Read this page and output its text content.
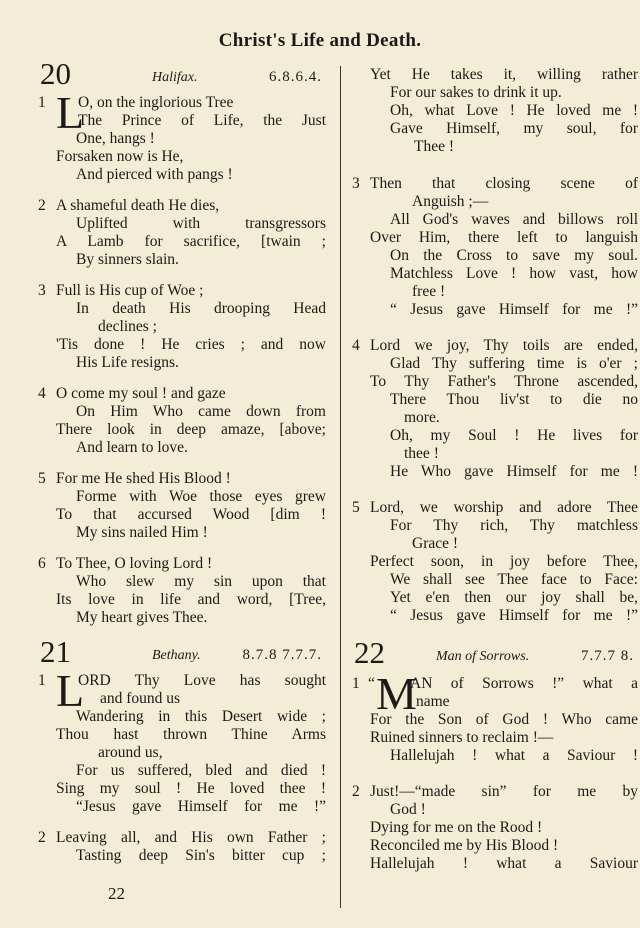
Christ's Life and Death.
20	Halifax.	6.8.6.4.
1 L
O, on the inglorious Tree
The Prince of Life, the Just
One, hangs !
Forsaken now is He,
And pierced with pangs !
2 A shameful death He dies,
Uplifted with transgressors
A Lamb for sacrifice, [twain ;
By sinners slain.
3 Full is His cup of Woe ;
In death His drooping Head
declines ;
'Tis done ! He cries ; and now
His Life resigns.
4 O come my soul ! and gaze
On Him Who came down from
There look in deep amaze, [above;
And learn to love.
5 For me He shed His Blood !
Forme with Woe those eyes grew
To that accursed Wood [dim !
My sins nailed Him !
6 To Thee, O loving Lord !
Who slew my sin upon that
Its love in life and word, [Tree,
My heart gives Thee.
21	Bethany.	8.7.8 7.7.7.
1 L
ORD Thy Love has sought
and found us
Wandering in this Desert wide ;
Thou hast thrown Thine Arms
around us,
For us suffered, bled and died !
Sing my soul ! He loved thee !
“Jesus gave Himself for me !”
2 Leaving all, and His own Father ;
Tasting deep Sin's bitter cup ;
22
Yet He takes it, willing rather
For our sakes to drink it up.
Oh, what Love ! He loved me !
Gave Himself, my soul, for
Thee !
3 Then that closing scene of
Anguish ;—
All God's waves and billows roll
Over Him, there left to languish
On the Cross to save my soul.
Matchless Love ! how vast, how
free !
“ Jesus gave Himself for me !”
4 Lord we joy, Thy toils are ended,
Glad Thy suffering time is o'er ;
To Thy Father's Throne ascended,
There Thou liv'st to die no
more.
Oh, my Soul ! He lives for
thee !
He Who gave Himself for me !
5 Lord, we worship and adore Thee
For Thy rich, Thy matchless
Grace !
Perfect soon, in joy before Thee,
We shall see Thee face to Face:
Yet e'en then our joy shall be,
“ Jesus gave Himself for me !”
22	Man of Sorrows.	7.7.7 8.
1 “ M
AN of Sorrows !” what a
name
For the Son of God ! Who came
Ruined sinners to reclaim !—
Hallelujah ! what a Saviour !
2 Just!—“made sin” for me by
God !
Dying for me on the Rood !
Reconciled me by His Blood !
Hallelujah ! what a Saviour
